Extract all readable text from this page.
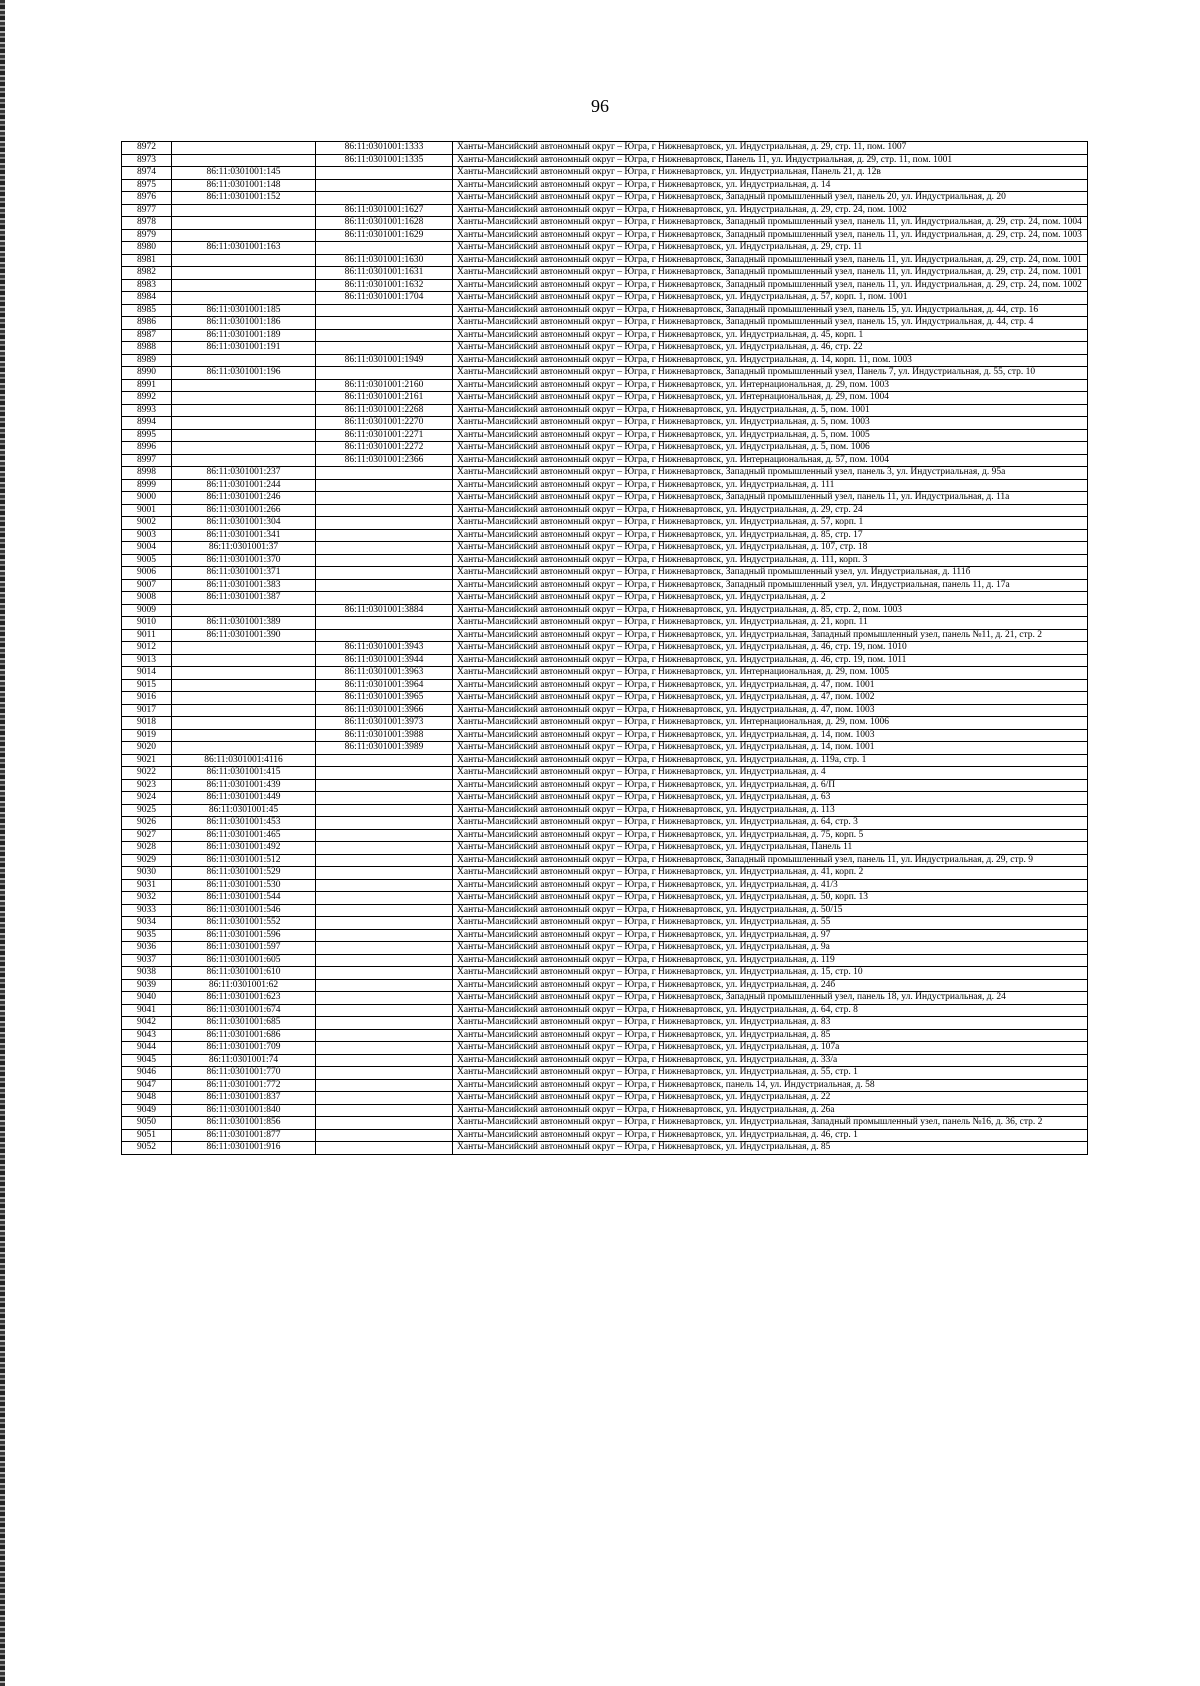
96
8972		86:11:0301001:1333	Ханты-Мансийский автономный округ – Югра, г Нижневартовск, ул. Индустриальная, д. 29, стр. 11, пом. 1007
8973		86:11:0301001:1335	Ханты-Мансийский автономный округ – Югра, г Нижневартовск, Панель 11, ул. Индустриальная, д. 29, стр. 11, пом. 1001
8974	86:11:0301001:145		Ханты-Мансийский автономный округ – Югра, г Нижневартовск, ул. Индустриальная, Панель 21, д. 12в
8975	86:11:0301001:148		Ханты-Мансийский автономный округ – Югра, г Нижневартовск, ул. Индустриальная, д. 14
8976	86:11:0301001:152		Ханты-Мансийский автономный округ – Югра, г Нижневартовск, Западный промышленный узел, панель 20, ул. Индустриальная, д. 20
8977		86:11:0301001:1627	Ханты-Мансийский автономный округ – Югра, г Нижневартовск, ул. Индустриальная, д. 29, стр. 24, пом. 1002
8978		86:11:0301001:1628	Ханты-Мансийский автономный округ – Югра, г Нижневартовск, Западный промышленный узел, панель 11, ул. Индустриальная, д. 29, стр. 24, пом. 1004
8979		86:11:0301001:1629	Ханты-Мансийский автономный округ – Югра, г Нижневартовск, Западный промышленный узел, панель 11, ул. Индустриальная, д. 29, стр. 24, пом. 1003
8980	86:11:0301001:163		Ханты-Мансийский автономный округ – Югра, г Нижневартовск, ул. Индустриальная, д. 29, стр. 11
8981		86:11:0301001:1630	Ханты-Мансийский автономный округ – Югра, г Нижневартовск, Западный промышленный узел, панель 11, ул. Индустриальная, д. 29, стр. 24, пом. 1001
8982		86:11:0301001:1631	Ханты-Мансийский автономный округ – Югра, г Нижневартовск, Западный промышленный узел, панель 11, ул. Индустриальная, д. 29, стр. 24, пом. 1001
8983		86:11:0301001:1632	Ханты-Мансийский автономный округ – Югра, г Нижневартовск, Западный промышленный узел, панель 11, ул. Индустриальная, д. 29, стр. 24, пом. 1002
8984		86:11:0301001:1704	Ханты-Мансийский автономный округ – Югра, г Нижневартовск, ул. Индустриальная, д. 57, корп. 1, пом. 1001
8985	86:11:0301001:185		Ханты-Мансийский автономный округ – Югра, г Нижневартовск, Западный промышленный узел, панель 15, ул. Индустриальная, д. 44, стр. 16
8986	86:11:0301001:186		Ханты-Мансийский автономный округ – Югра, г Нижневартовск, Западный промышленный узел, панель 15, ул. Индустриальная, д. 44, стр. 4
8987	86:11:0301001:189		Ханты-Мансийский автономный округ – Югра, г Нижневартовск, ул. Индустриальная, д. 45, корп. 1
8988	86:11:0301001:191		Ханты-Мансийский автономный округ – Югра, г Нижневартовск, ул. Индустриальная, д. 46, стр. 22
8989		86:11:0301001:1949	Ханты-Мансийский автономный округ – Югра, г Нижневартовск, ул. Индустриальная, д. 14, корп. 11, пом. 1003
8990	86:11:0301001:196		Ханты-Мансийский автономный округ – Югра, г Нижневартовск, Западный промышленный узел, Панель 7, ул. Индустриальная, д. 55, стр. 10
8991		86:11:0301001:2160	Ханты-Мансийский автономный округ – Югра, г Нижневартовск, ул. Интернациональная, д. 29, пом. 1003
8992		86:11:0301001:2161	Ханты-Мансийский автономный округ – Югра, г Нижневартовск, ул. Интернациональная, д. 29, пом. 1004
8993		86:11:0301001:2268	Ханты-Мансийский автономный округ – Югра, г Нижневартовск, ул. Индустриальная, д. 5, пом. 1001
8994		86:11:0301001:2270	Ханты-Мансийский автономный округ – Югра, г Нижневартовск, ул. Индустриальная, д. 5, пом. 1003
8995		86:11:0301001:2271	Ханты-Мансийский автономный округ – Югра, г Нижневартовск, ул. Индустриальная, д. 5, пом. 1005
8996		86:11:0301001:2272	Ханты-Мансийский автономный округ – Югра, г Нижневартовск, ул. Индустриальная, д. 5, пом. 1006
8997		86:11:0301001:2366	Ханты-Мансийский автономный округ – Югра, г Нижневартовск, ул. Интернациональная, д. 57, пом. 1004
8998	86:11:0301001:237		Ханты-Мансийский автономный округ – Югра, г Нижневартовск, Западный промышленный узел, панель 3, ул. Индустриальная, д. 95а
8999	86:11:0301001:244		Ханты-Мансийский автономный округ – Югра, г Нижневартовск, ул. Индустриальная, д. 111
9000	86:11:0301001:246		Ханты-Мансийский автономный округ – Югра, г Нижневартовск, Западный промышленный узел, панель 11, ул. Индустриальная, д. 11а
9001	86:11:0301001:266		Ханты-Мансийский автономный округ – Югра, г Нижневартовск, ул. Индустриальная, д. 29, стр. 24
9002	86:11:0301001:304		Ханты-Мансийский автономный округ – Югра, г Нижневартовск, ул. Индустриальная, д. 57, корп. 1
9003	86:11:0301001:341		Ханты-Мансийский автономный округ – Югра, г Нижневартовск, ул. Индустриальная, д. 85, стр. 17
9004	86:11:0301001:37		Ханты-Мансийский автономный округ – Югра, г Нижневартовск, ул. Индустриальная, д. 107, стр. 18
9005	86:11:0301001:370		Ханты-Мансийский автономный округ – Югра, г Нижневартовск, ул. Индустриальная, д. 111, корп. 3
9006	86:11:0301001:371		Ханты-Мансийский автономный округ – Югра, г Нижневартовск, Западный промышленный узел, ул. Индустриальная, д. 111б
9007	86:11:0301001:383		Ханты-Мансийский автономный округ – Югра, г Нижневартовск, Западный промышленный узел, ул. Индустриальная, панель 11, д. 17а
9008	86:11:0301001:387		Ханты-Мансийский автономный округ – Югра, г Нижневартовск, ул. Индустриальная, д. 2
9009		86:11:0301001:3884	Ханты-Мансийский автономный округ – Югра, г Нижневартовск, ул. Индустриальная, д. 85, стр. 2, пом. 1003
9010	86:11:0301001:389		Ханты-Мансийский автономный округ – Югра, г Нижневартовск, ул. Индустриальная, д. 21, корп. 11
9011	86:11:0301001:390		Ханты-Мансийский автономный округ – Югра, г Нижневартовск, ул. Индустриальная, Западный промышленный узел, панель №11, д. 21, стр. 2
9012		86:11:0301001:3943	Ханты-Мансийский автономный округ – Югра, г Нижневартовск, ул. Индустриальная, д. 46, стр. 19, пом. 1010
9013		86:11:0301001:3944	Ханты-Мансийский автономный округ – Югра, г Нижневартовск, ул. Индустриальная, д. 46, стр. 19, пом. 1011
9014		86:11:0301001:3963	Ханты-Мансийский автономный округ – Югра, г Нижневартовск, ул. Интернациональная, д. 29, пом. 1005
9015		86:11:0301001:3964	Ханты-Мансийский автономный округ – Югра, г Нижневартовск, ул. Индустриальная, д. 47, пом. 1001
9016		86:11:0301001:3965	Ханты-Мансийский автономный округ – Югра, г Нижневартовск, ул. Индустриальная, д. 47, пом. 1002
9017		86:11:0301001:3966	Ханты-Мансийский автономный округ – Югра, г Нижневартовск, ул. Индустриальная, д. 47, пом. 1003
9018		86:11:0301001:3973	Ханты-Мансийский автономный округ – Югра, г Нижневартовск, ул. Интернациональная, д. 29, пом. 1006
9019		86:11:0301001:3988	Ханты-Мансийский автономный округ – Югра, г Нижневартовск, ул. Индустриальная, д. 14, пом. 1003
9020		86:11:0301001:3989	Ханты-Мансийский автономный округ – Югра, г Нижневартовск, ул. Индустриальная, д. 14, пом. 1001
9021	86:11:0301001:4116		Ханты-Мансийский автономный округ – Югра, г Нижневартовск, ул. Индустриальная, д. 119а, стр. 1
9022	86:11:0301001:415		Ханты-Мансийский автономный округ – Югра, г Нижневартовск, ул. Индустриальная, д. 4
9023	86:11:0301001:439		Ханты-Мансийский автономный округ – Югра, г Нижневартовск, ул. Индустриальная, д. 6/П
9024	86:11:0301001:449		Ханты-Мансийский автономный округ – Югра, г Нижневартовск, ул. Индустриальная, д. 63
9025	86:11:0301001:45		Ханты-Мансийский автономный округ – Югра, г Нижневартовск, ул. Индустриальная, д. 113
9026	86:11:0301001:453		Ханты-Мансийский автономный округ – Югра, г Нижневартовск, ул. Индустриальная, д. 64, стр. 3
9027	86:11:0301001:465		Ханты-Мансийский автономный округ – Югра, г Нижневартовск, ул. Индустриальная, д. 75, корп. 5
9028	86:11:0301001:492		Ханты-Мансийский автономный округ – Югра, г Нижневартовск, ул. Индустриальная, Панель 11
9029	86:11:0301001:512		Ханты-Мансийский автономный округ – Югра, г Нижневартовск, Западный промышленный узел, панель 11, ул. Индустриальная, д. 29, стр. 9
9030	86:11:0301001:529		Ханты-Мансийский автономный округ – Югра, г Нижневартовск, ул. Индустриальная, д. 41, корп. 2
9031	86:11:0301001:530		Ханты-Мансийский автономный округ – Югра, г Нижневартовск, ул. Индустриальная, д. 41/3
9032	86:11:0301001:544		Ханты-Мансийский автономный округ – Югра, г Нижневартовск, ул. Индустриальная, д. 50, корп. 13
9033	86:11:0301001:546		Ханты-Мансийский автономный округ – Югра, г Нижневартовск, ул. Индустриальная, д. 50/15
9034	86:11:0301001:552		Ханты-Мансийский автономный округ – Югра, г Нижневартовск, ул. Индустриальная, д. 55
9035	86:11:0301001:596		Ханты-Мансийский автономный округ – Югра, г Нижневартовск, ул. Индустриальная, д. 97
9036	86:11:0301001:597		Ханты-Мансийский автономный округ – Югра, г Нижневартовск, ул. Индустриальная, д. 9а
9037	86:11:0301001:605		Ханты-Мансийский автономный округ – Югра, г Нижневартовск, ул. Индустриальная, д. 119
9038	86:11:0301001:610		Ханты-Мансийский автономный округ – Югра, г Нижневартовск, ул. Индустриальная, д. 15, стр. 10
9039	86:11:0301001:62		Ханты-Мансийский автономный округ – Югра, г Нижневартовск, ул. Индустриальная, д. 24б
9040	86:11:0301001:623		Ханты-Мансийский автономный округ – Югра, г Нижневартовск, Западный промышленный узел, панель 18, ул. Индустриальная, д. 24
9041	86:11:0301001:674		Ханты-Мансийский автономный округ – Югра, г Нижневартовск, ул. Индустриальная, д. 64, стр. 8
9042	86:11:0301001:685		Ханты-Мансийский автономный округ – Югра, г Нижневартовск, ул. Индустриальная, д. 83
9043	86:11:0301001:686		Ханты-Мансийский автономный округ – Югра, г Нижневартовск, ул. Индустриальная, д. 85
9044	86:11:0301001:709		Ханты-Мансийский автономный округ – Югра, г Нижневартовск, ул. Индустриальная, д. 107а
9045	86:11:0301001:74		Ханты-Мансийский автономный округ – Югра, г Нижневартовск, ул. Индустриальная, д. 33/а
9046	86:11:0301001:770		Ханты-Мансийский автономный округ – Югра, г Нижневартовск, ул. Индустриальная, д. 55, стр. 1
9047	86:11:0301001:772		Ханты-Мансийский автономный округ – Югра, г Нижневартовск, панель 14, ул. Индустриальная, д. 58
9048	86:11:0301001:837		Ханты-Мансийский автономный округ – Югра, г Нижневартовск, ул. Индустриальная, д. 22
9049	86:11:0301001:840		Ханты-Мансийский автономный округ – Югра, г Нижневартовск, ул. Индустриальная, д. 26а
9050	86:11:0301001:856		Ханты-Мансийский автономный округ – Югра, г Нижневартовск, ул. Индустриальная, Западный промышленный узел, панель №16, д. 36, стр. 2
9051	86:11:0301001:877		Ханты-Мансийский автономный округ – Югра, г Нижневартовск, ул. Индустриальная, д. 46, стр. 1
9052	86:11:0301001:916		Ханты-Мансийский автономный округ – Югра, г Нижневартовск, ул. Индустриальная, д. 85
